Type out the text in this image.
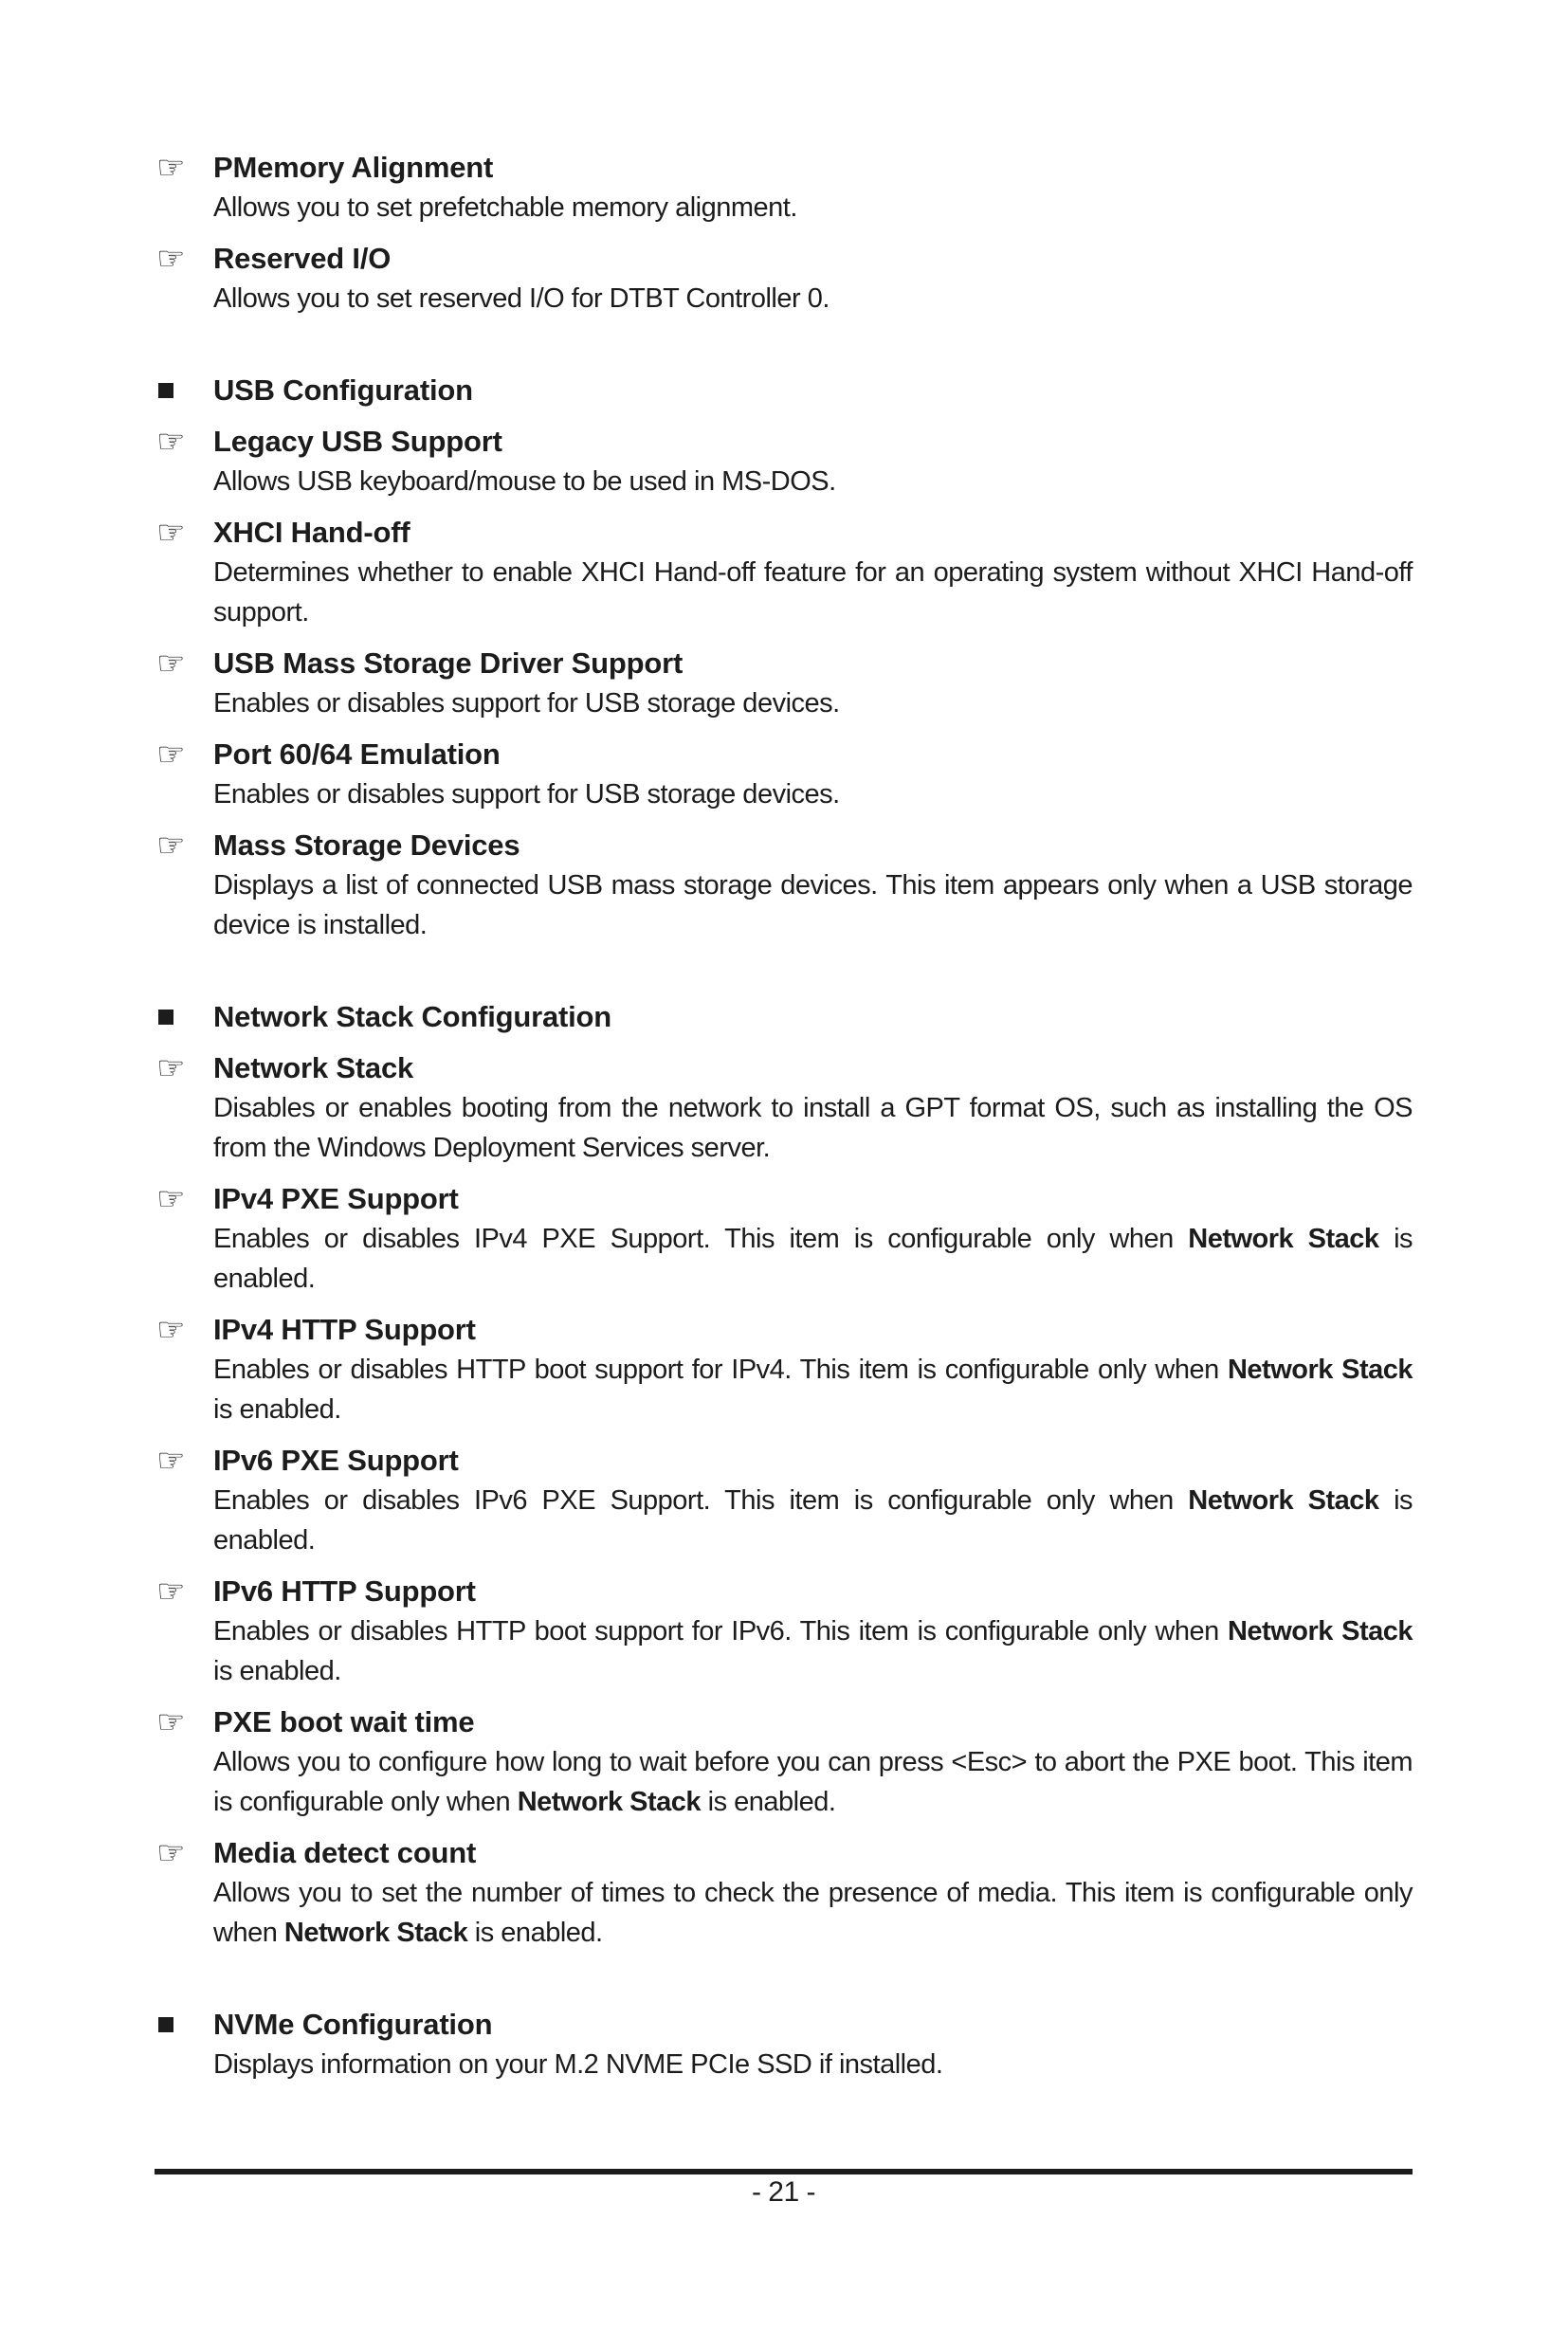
☞ PMemory Alignment
Allows you to set prefetchable memory alignment.
☞ Reserved I/O
Allows you to set reserved I/O for DTBT Controller 0.
USB Configuration
☞ Legacy USB Support
Allows USB keyboard/mouse to be used in MS-DOS.
☞ XHCI Hand-off
Determines whether to enable XHCI Hand-off feature for an operating system without XHCI Hand-off support.
☞ USB Mass Storage Driver Support
Enables or disables support for USB storage devices.
☞ Port 60/64 Emulation
Enables or disables support for USB storage devices.
☞ Mass Storage Devices
Displays a list of connected USB mass storage devices. This item appears only when a USB storage device is installed.
Network Stack Configuration
☞ Network Stack
Disables or enables booting from the network to install a GPT format OS, such as installing the OS from the Windows Deployment Services server.
☞ IPv4 PXE Support
Enables or disables IPv4 PXE Support. This item is configurable only when Network Stack is enabled.
☞ IPv4 HTTP Support
Enables or disables HTTP boot support for IPv4. This item is configurable only when Network Stack is enabled.
☞ IPv6 PXE Support
Enables or disables IPv6 PXE Support. This item is configurable only when Network Stack is enabled.
☞ IPv6 HTTP Support
Enables or disables HTTP boot support for IPv6. This item is configurable only when Network Stack is enabled.
☞ PXE boot wait time
Allows you to configure how long to wait before you can press <Esc> to abort the PXE boot. This item is configurable only when Network Stack is enabled.
☞ Media detect count
Allows you to set the number of times to check the presence of media. This item is configurable only when Network Stack is enabled.
NVMe Configuration
Displays information on your M.2 NVME PCIe SSD if installed.
- 21 -
